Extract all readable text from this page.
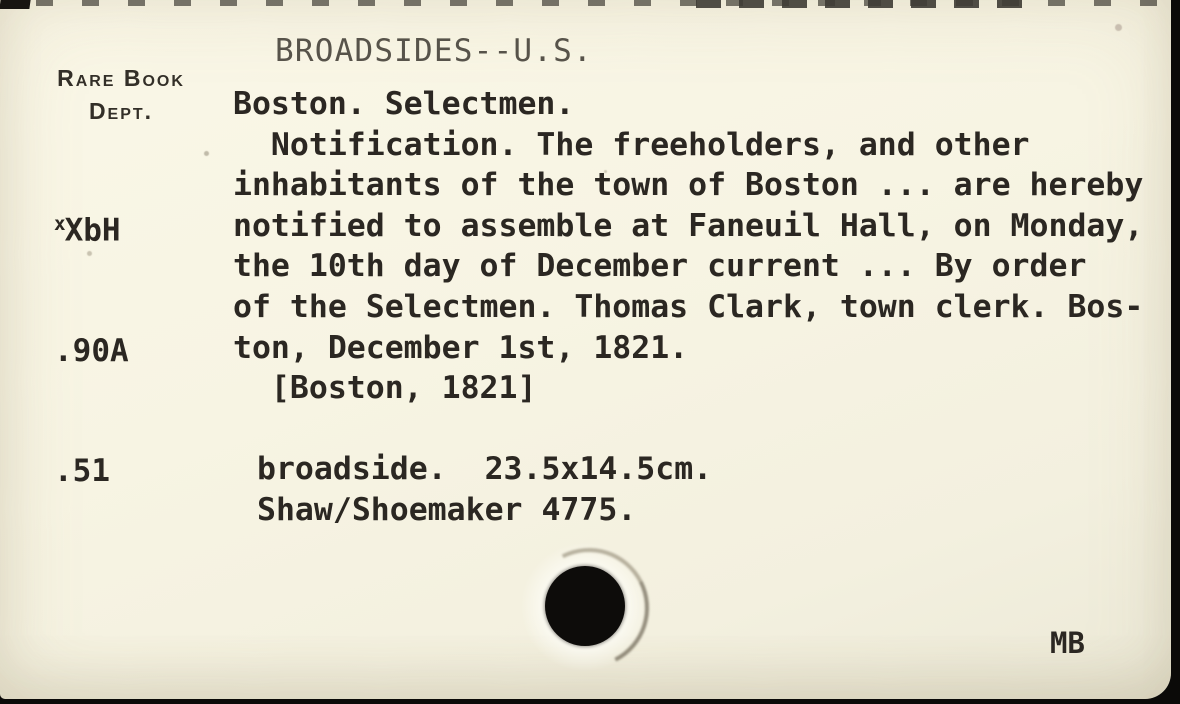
BROADSIDES--U.S.
Rare Book
Dept.

$^x$XbH

.90A

.51

Boston. Selectmen.
Notification. The freeholders, and other
inhabitants of the town of Boston ... are hereby
notified to assemble at Faneuil Hall, on Monday,
the 10th day of December current ... By order
of the Selectmen. Thomas Clark, town clerk. Bos-
ton, December 1st, 1821.
[Boston, 1821]
broadside.  23.5x14.5cm.
Shaw/Shoemaker 4775.
MB
